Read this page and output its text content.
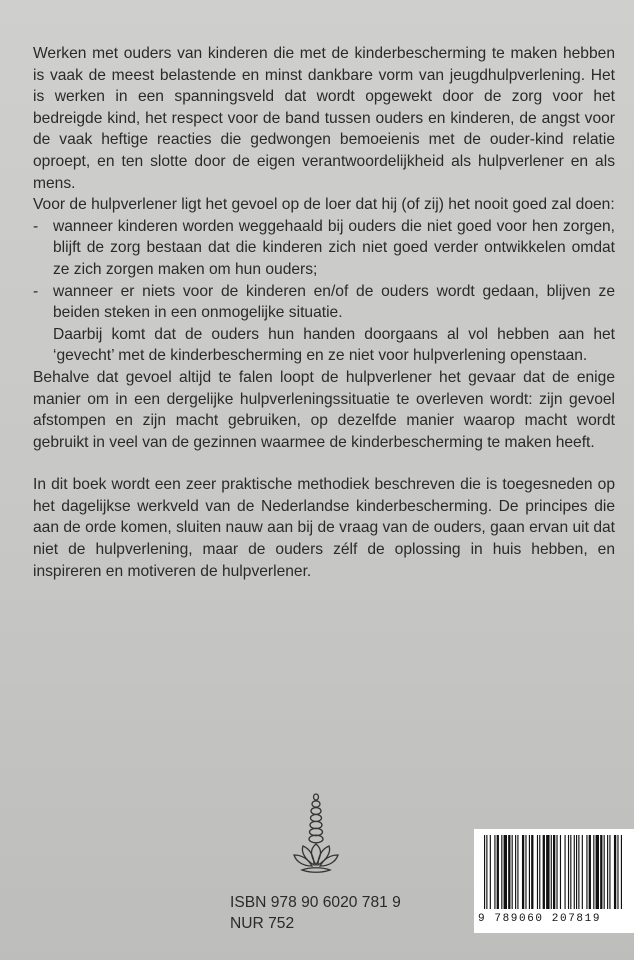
Werken met ouders van kinderen die met de kinderbescherming te maken hebben is vaak de meest belastende en minst dankbare vorm van jeugdhulpverlening. Het is werken in een spanningsveld dat wordt opgewekt door de zorg voor het bedreigde kind, het respect voor de band tussen ouders en kinderen, de angst voor de vaak heftige reacties die gedwongen bemoeienis met de ouder-kind relatie oproept, en ten slotte door de eigen verantwoordelijkheid als hulpverlener en als mens.

Voor de hulpverlener ligt het gevoel op de loer dat hij (of zij) het nooit goed zal doen:

- wanneer kinderen worden weggehaald bij ouders die niet goed voor hen zorgen, blijft de zorg bestaan dat die kinderen zich niet goed verder ontwikkelen omdat ze zich zorgen maken om hun ouders;

- wanneer er niets voor de kinderen en/of de ouders wordt gedaan, blijven ze beiden steken in een onmogelijke situatie.

Daarbij komt dat de ouders hun handen doorgaans al vol hebben aan het ‘gevecht’ met de kinderbescherming en ze niet voor hulpverlening openstaan.

Behalve dat gevoel altijd te falen loopt de hulpverlener het gevaar dat de enige manier om in een dergelijke hulpverleningssituatie te overleven wordt: zijn gevoel afstompen en zijn macht gebruiken, op dezelfde manier waarop macht wordt gebruikt in veel van de gezinnen waarmee de kinderbescherming te maken heeft.

In dit boek wordt een zeer praktische methodiek beschreven die is toegesneden op het dagelijkse werkveld van de Nederlandse kinderbescherming. De principes die aan de orde komen, sluiten nauw aan bij de vraag van de ouders, gaan ervan uit dat niet de hulpverlening, maar de ouders zélf de oplossing in huis hebben, en inspireren en motiveren de hulpverlener.

ISBN 978 90 6020 781 9
NUR 752	9 789060 207819
